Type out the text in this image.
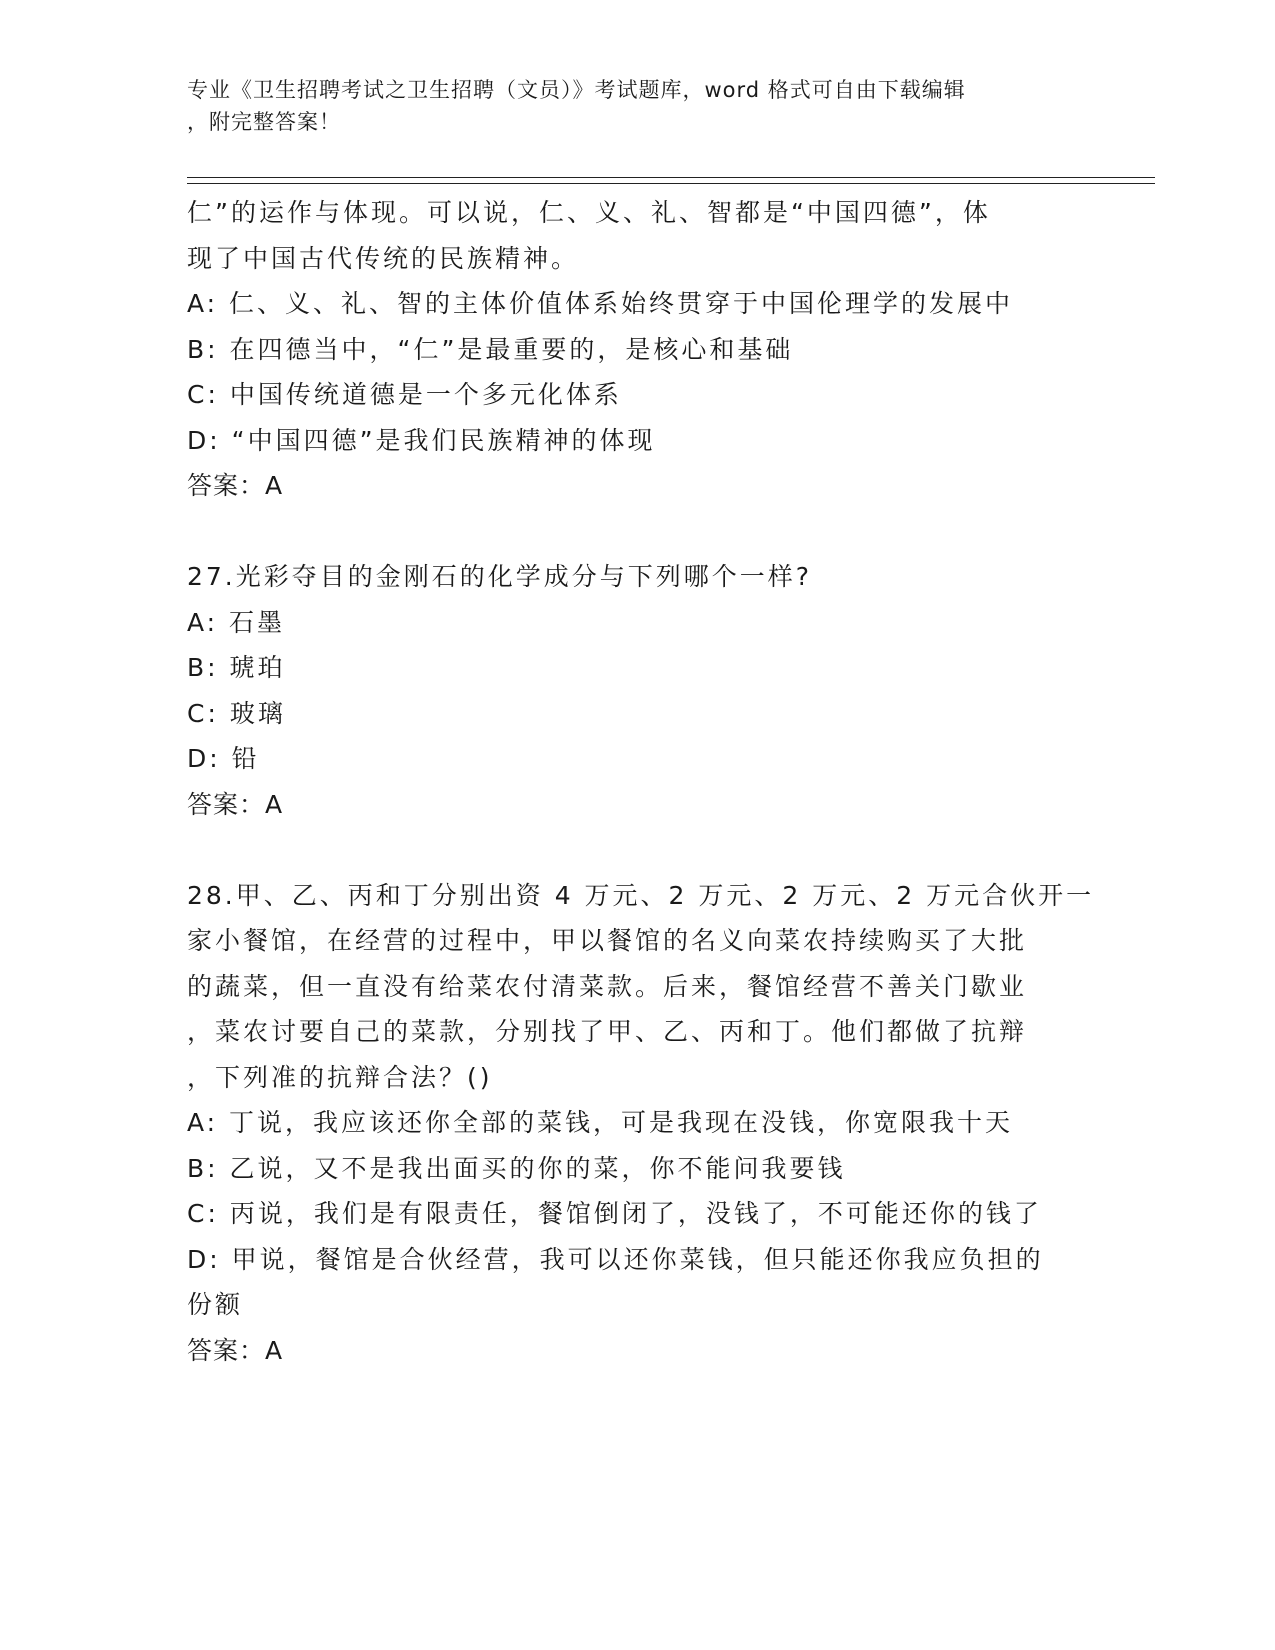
专业《卫生招聘考试之卫生招聘（文员）》考试题库，word 格式可自由下载编辑
，附完整答案！
仁”的运作与体现。可以说，仁、义、礼、智都是“中国四德”，体
现了中国古代传统的民族精神。
A: 仁、义、礼、智的主体价值体系始终贯穿于中国伦理学的发展中
B: 在四德当中，“仁”是最重要的，是核心和基础
C: 中国传统道德是一个多元化体系
D: “中国四德”是我们民族精神的体现
答案：A
27.光彩夺目的金刚石的化学成分与下列哪个一样?
A: 石墨
B: 琥珀
C: 玻璃
D: 铅
答案：A
28.甲、乙、丙和丁分别出资 4 万元、2 万元、2 万元、2 万元合伙开一
家小餐馆，在经营的过程中，甲以餐馆的名义向菜农持续购买了大批
的蔬菜，但一直没有给菜农付清菜款。后来，餐馆经营不善关门歇业
，菜农讨要自己的菜款，分别找了甲、乙、丙和丁。他们都做了抗辩
，下列准的抗辩合法？()
A: 丁说，我应该还你全部的菜钱，可是我现在没钱，你宽限我十天
B: 乙说，又不是我出面买的你的菜，你不能问我要钱
C: 丙说，我们是有限责任，餐馆倒闭了，没钱了，不可能还你的钱了
D: 甲说，餐馆是合伙经营，我可以还你菜钱，但只能还你我应负担的
份额
答案：A
